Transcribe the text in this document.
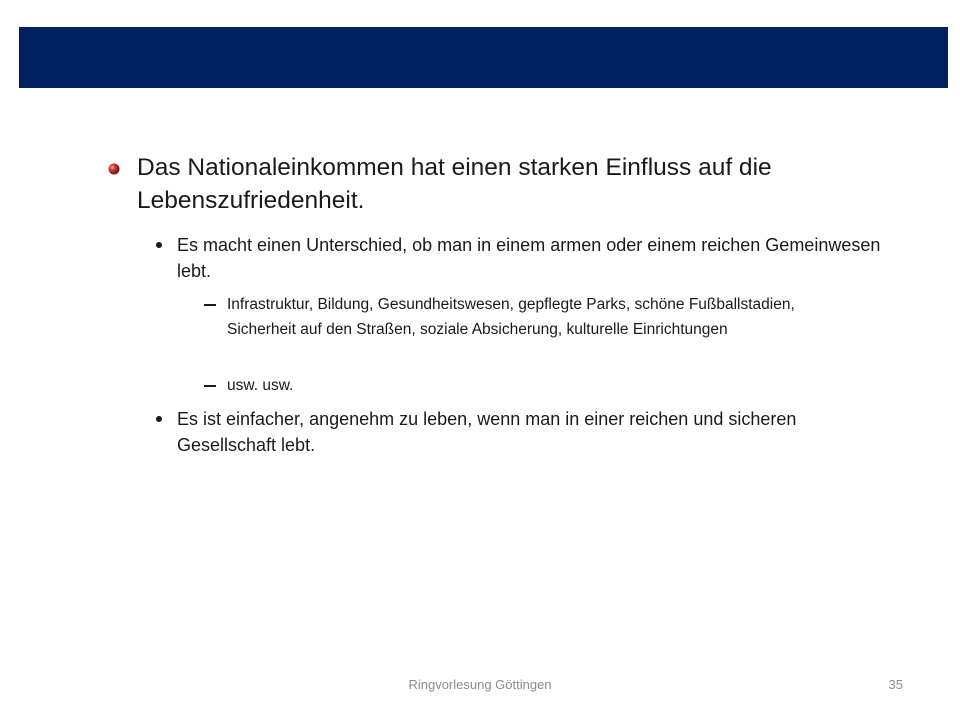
Das Nationaleinkommen hat einen starken Einfluss auf die Lebenszufriedenheit.
Es macht einen Unterschied, ob man in einem armen oder einem reichen Gemeinwesen lebt.
Infrastruktur, Bildung, Gesundheitswesen, gepflegte Parks, schöne Fußballstadien, Sicherheit auf den Straßen, soziale Absicherung, kulturelle Einrichtungen
usw. usw.
Es ist einfacher, angenehm zu leben, wenn man in einer reichen und sicheren Gesellschaft lebt.
Ringvorlesung Göttingen	35
